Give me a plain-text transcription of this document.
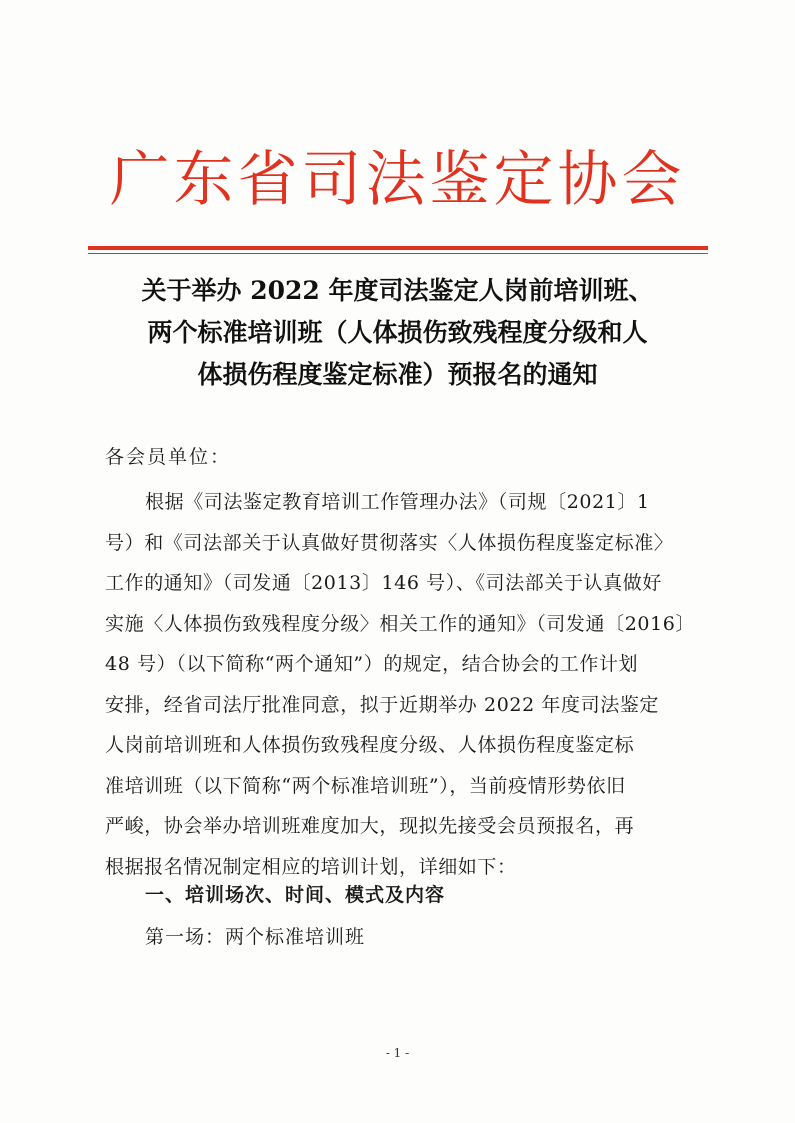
广东省司法鉴定协会
关于举办 2022 年度司法鉴定人岗前培训班、
两个标准培训班（人体损伤致残程度分级和人
体损伤程度鉴定标准）预报名的通知
各会员单位：
根据《司法鉴定教育培训工作管理办法》（司规〔2021〕1
号）和《司法部关于认真做好贯彻落实〈人体损伤程度鉴定标准〉
工作的通知》（司发通〔2013〕146 号）、《司法部关于认真做好
实施〈人体损伤致残程度分级〉相关工作的通知》（司发通〔2016〕
48 号）（以下简称“两个通知”）的规定，结合协会的工作计划
安排，经省司法厅批准同意，拟于近期举办 2022 年度司法鉴定
人岗前培训班和人体损伤致残程度分级、人体损伤程度鉴定标
准培训班（以下简称“两个标准培训班”），当前疫情形势依旧
严峻，协会举办培训班难度加大，现拟先接受会员预报名，再
根据报名情况制定相应的培训计划，详细如下：
一、培训场次、时间、模式及内容
第一场：两个标准培训班
- 1 -
